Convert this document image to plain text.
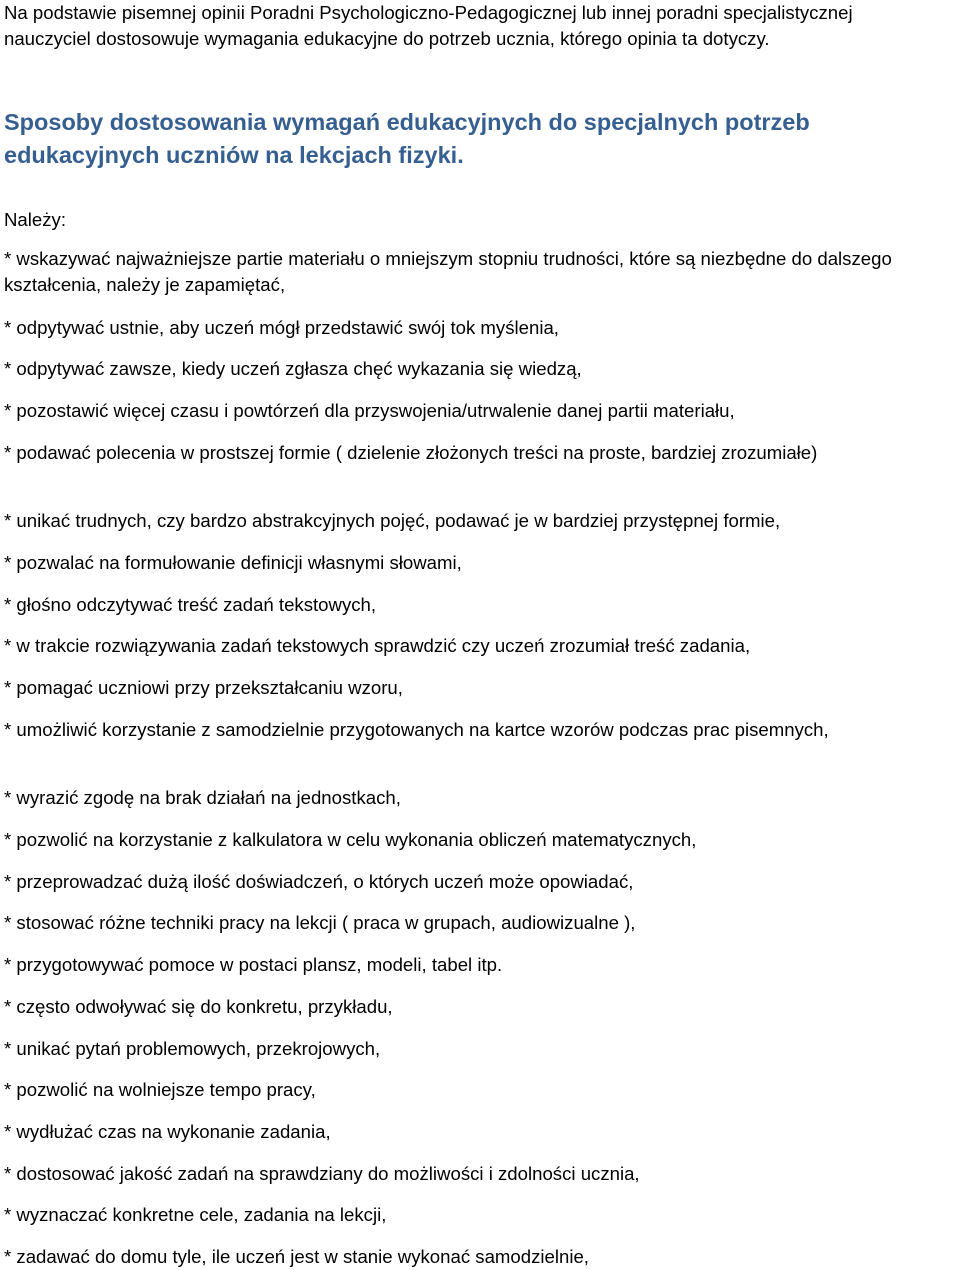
Na podstawie pisemnej opinii Poradni Psychologiczno-Pedagogicznej lub innej poradni specjalistycznej nauczyciel dostosowuje wymagania edukacyjne do potrzeb ucznia, którego opinia ta dotyczy.

Sposoby dostosowania wymagań edukacyjnych do specjalnych potrzeb edukacyjnych uczniów na lekcjach fizyki.

Należy:

* wskazywać najważniejsze partie materiału o mniejszym stopniu trudności, które są niezbędne do dalszego kształcenia, należy je zapamiętać,

* odpytywać ustnie, aby uczeń mógł przedstawić swój tok myślenia,

* odpytywać zawsze, kiedy uczeń zgłasza chęć wykazania się wiedzą,

* pozostawić więcej czasu i powtórzeń dla przyswojenia/utrwalenie danej partii materiału,

* podawać polecenia w prostszej formie ( dzielenie złożonych treści na proste, bardziej zrozumiałe)

* unikać trudnych, czy bardzo abstrakcyjnych pojęć, podawać je w bardziej przystępnej formie,

* pozwalać na formułowanie definicji własnymi słowami,

* głośno odczytywać treść zadań tekstowych,

* w trakcie rozwiązywania zadań tekstowych sprawdzić czy uczeń zrozumiał treść zadania,

* pomagać uczniowi przy przekształcaniu wzoru,

* umożliwić korzystanie z samodzielnie przygotowanych na kartce wzorów podczas prac pisemnych,

* wyrazić zgodę na brak działań na jednostkach,

* pozwolić na korzystanie z kalkulatora w celu wykonania obliczeń matematycznych,

* przeprowadzać dużą ilość doświadczeń, o których uczeń może opowiadać,

* stosować różne techniki pracy na lekcji ( praca w grupach, audiowizualne ),

* przygotowywać pomoce w postaci plansz, modeli, tabel itp.

* często odwoływać się do konkretu, przykładu,

* unikać pytań problemowych, przekrojowych,

* pozwolić na wolniejsze tempo pracy,

* wydłużać czas na wykonanie zadania,

* dostosować jakość zadań na sprawdziany do możliwości i zdolności ucznia,

* wyznaczać konkretne cele, zadania na lekcji,

* zadawać do domu tyle, ile uczeń jest w stanie wykonać samodzielnie,
